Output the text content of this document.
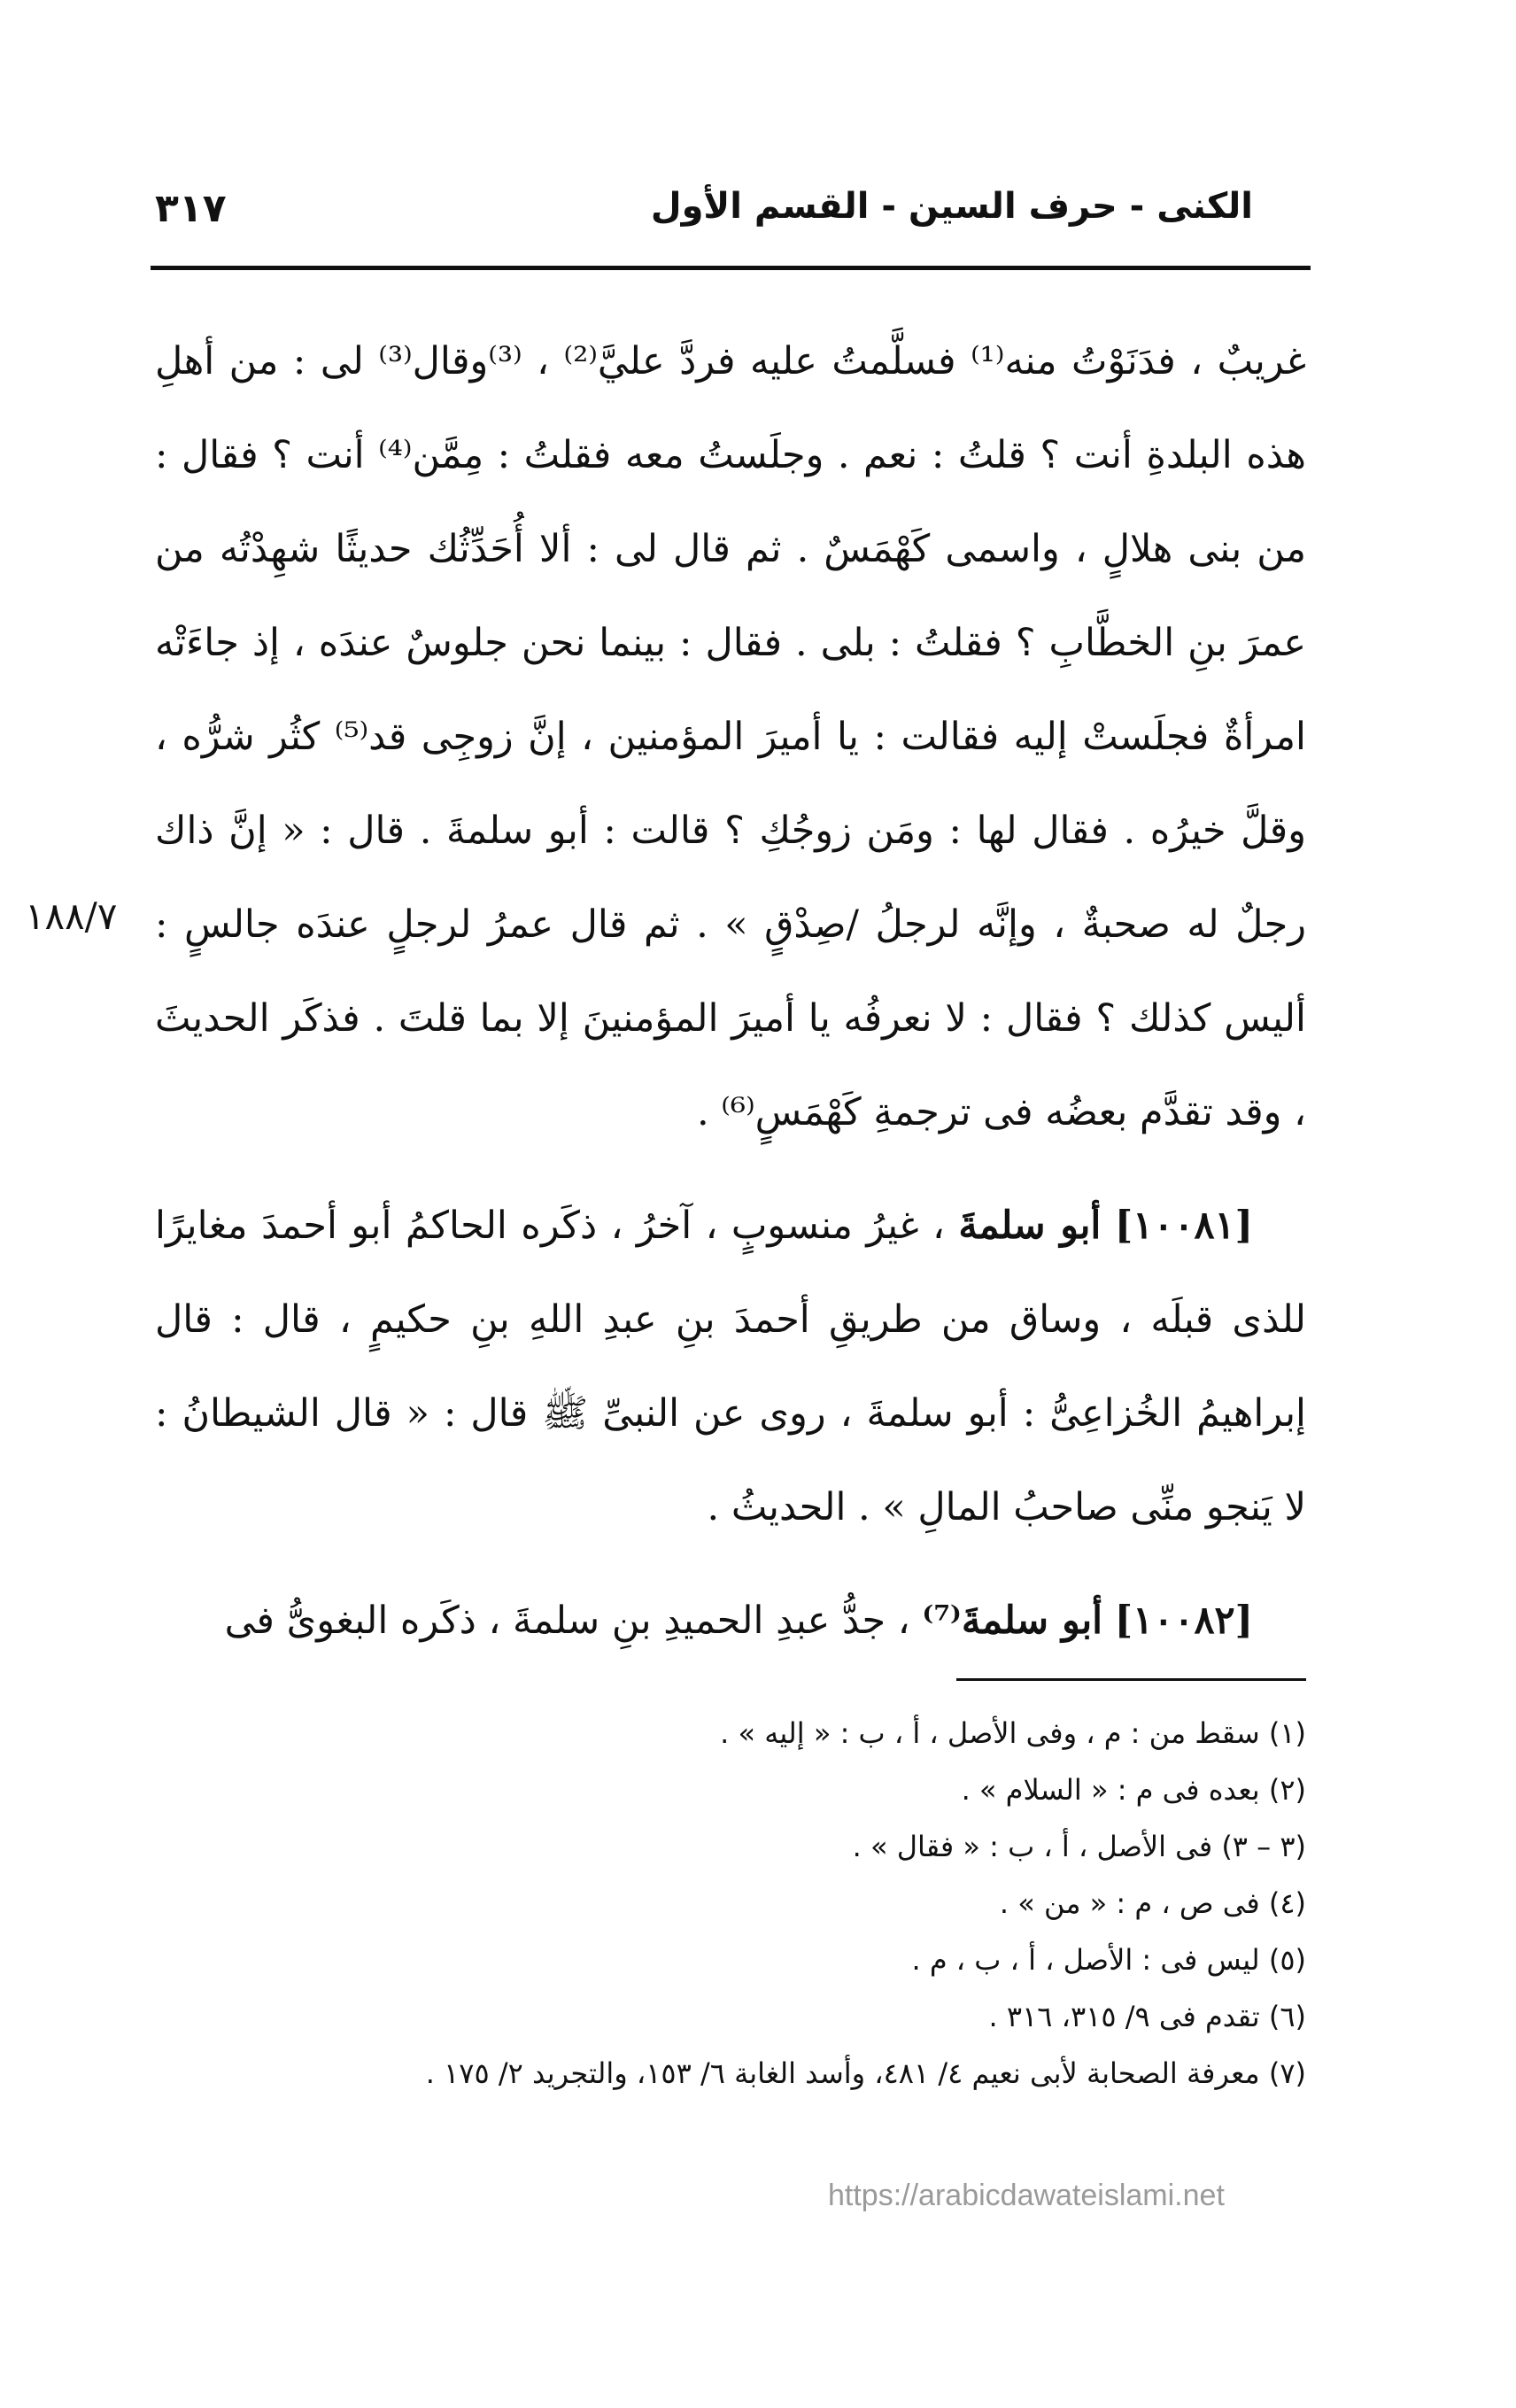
الكنى - حرف السين - القسم الأول
٣١٧
١٨٨/٧

غريبٌ ، فدَنَوْتُ منه⁽¹⁾ فسلَّمتُ عليه فردَّ عليَّ⁽²⁾ ، ⁽³⁾وقال⁽³⁾ لى : من أهلِ هذه البلدةِ أنت ؟ قلتُ : نعم . وجلَستُ معه فقلتُ : مِمَّن⁽⁴⁾ أنت ؟ فقال : من بنى هلالٍ ، واسمى كَهْمَسٌ . ثم قال لى : ألا أُحَدِّثُك حديثًا شهِدْتُه من عمرَ بنِ الخطَّابِ ؟ فقلتُ : بلى . فقال : بينما نحن جلوسٌ عندَه ، إذ جاءَتْه امرأةٌ فجلَستْ إليه فقالت : يا أميرَ المؤمنين ، إنَّ زوجِى قد⁽⁵⁾ كثُر شرُّه ، وقلَّ خيرُه . فقال لها : ومَن زوجُكِ ؟ قالت : أبو سلمةَ . قال : « إنَّ ذاك رجلٌ له صحبةٌ ، وإنَّه لرجلُ /صِدْقٍ » . ثم قال عمرُ لرجلٍ عندَه جالسٍ : أليس كذلك ؟ فقال : لا نعرفُه يا أميرَ المؤمنينَ إلا بما قلتَ . فذكَر الحديثَ ، وقد تقدَّم بعضُه فى ترجمةِ كَهْمَسٍ⁽⁶⁾ .

[١٠٠٨١] أبو سلمةَ ، غيرُ منسوبٍ ، آخرُ ، ذكَره الحاكمُ أبو أحمدَ مغايرًا للذى قبلَه ، وساق من طريقِ أحمدَ بنِ عبدِ اللهِ بنِ حكيمٍ ، قال : قال إبراهيمُ الخُزاعِىُّ : أبو سلمةَ ، روى عن النبىِّ ﷺ قال : « قال الشيطانُ : لا يَنجو منِّى صاحبُ المالِ » . الحديثُ .

[١٠٠٨٢] أبو سلمةَ⁽⁷⁾ ، جدُّ عبدِ الحميدِ بنِ سلمةَ ، ذكَره البغوىُّ فى

(١) سقط من : م ، وفى الأصل ، أ ، ب : « إليه » .
(٢) بعده فى م : « السلام » .
(٣ – ٣) فى الأصل ، أ ، ب : « فقال » .
(٤) فى ص ، م : « من » .
(٥) ليس فى : الأصل ، أ ، ب ، م .
(٦) تقدم فى ٩/ ٣١٥، ٣١٦ .
(٧) معرفة الصحابة لأبى نعيم ٤/ ٤٨١، وأسد الغابة ٦/ ١٥٣، والتجريد ٢/ ١٧٥ .
https://arabicdawateislami.net
